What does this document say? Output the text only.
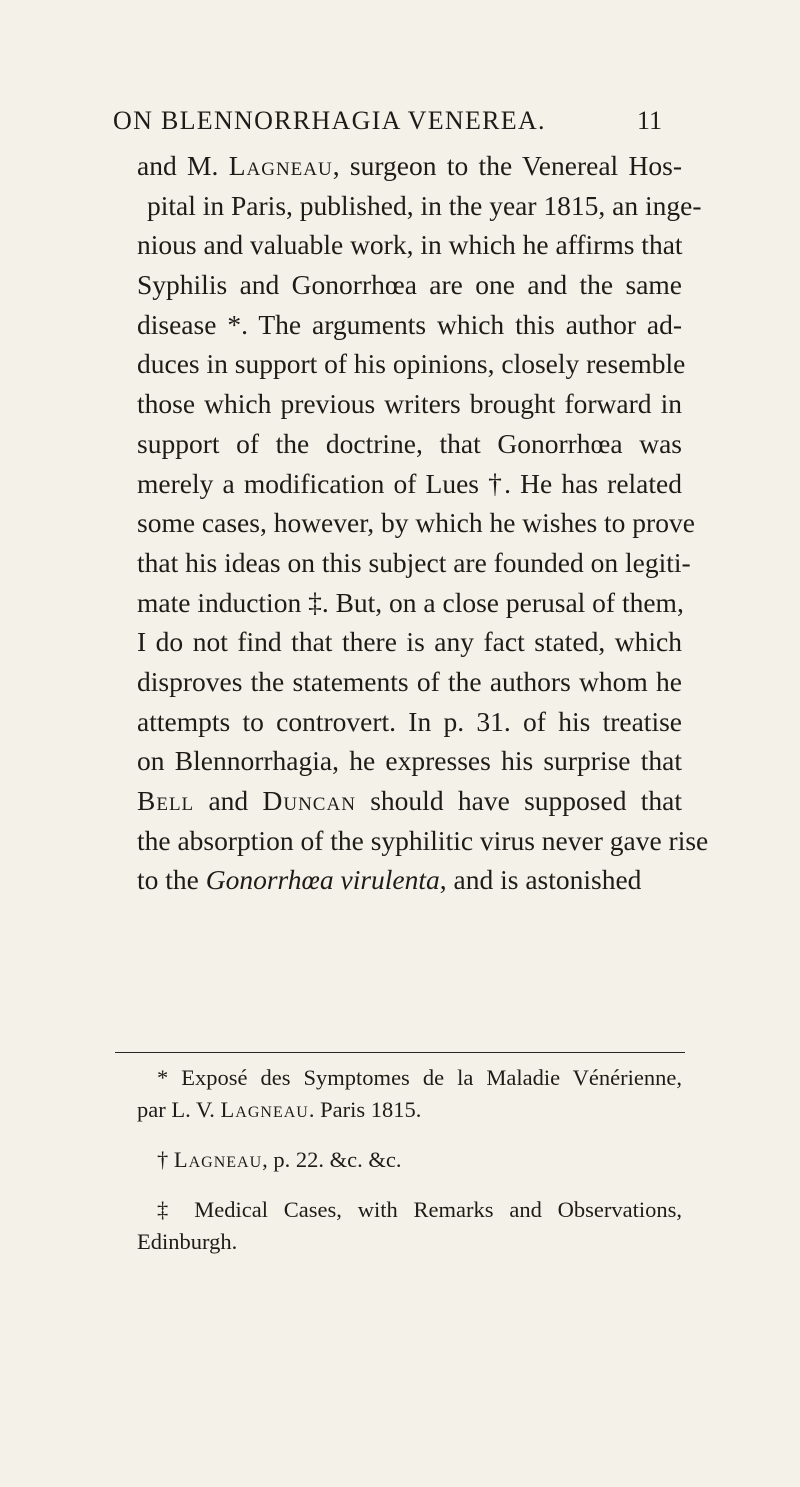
ON BLENNORRHAGIA VENEREA.	11
and M. Lagneau, surgeon to the Venereal Hos-
pital in Paris, published, in the year 1815, an inge-
nious and valuable work, in which he affirms that
Syphilis and Gonorrhœa are one and the same
disease *. The arguments which this author ad-
duces in support of his opinions, closely resemble
those which previous writers brought forward in
support of the doctrine, that Gonorrhœa was
merely a modification of Lues †. He has related
some cases, however, by which he wishes to prove
that his ideas on this subject are founded on legiti-
mate induction ‡. But, on a close perusal of them,
I do not find that there is any fact stated, which
disproves the statements of the authors whom he
attempts to controvert. In p. 31. of his treatise
on Blennorrhagia, he expresses his surprise that
Bell and Duncan should have supposed that
the absorption of the syphilitic virus never gave rise
to the Gonorrhœa virulenta, and is astonished
* Exposé des Symptomes de la Maladie Vénérienne,
par L. V. Lagneau. Paris 1815.
† Lagneau, p. 22. &c. &c.
‡ Medical Cases, with Remarks and Observations,
Edinburgh.
